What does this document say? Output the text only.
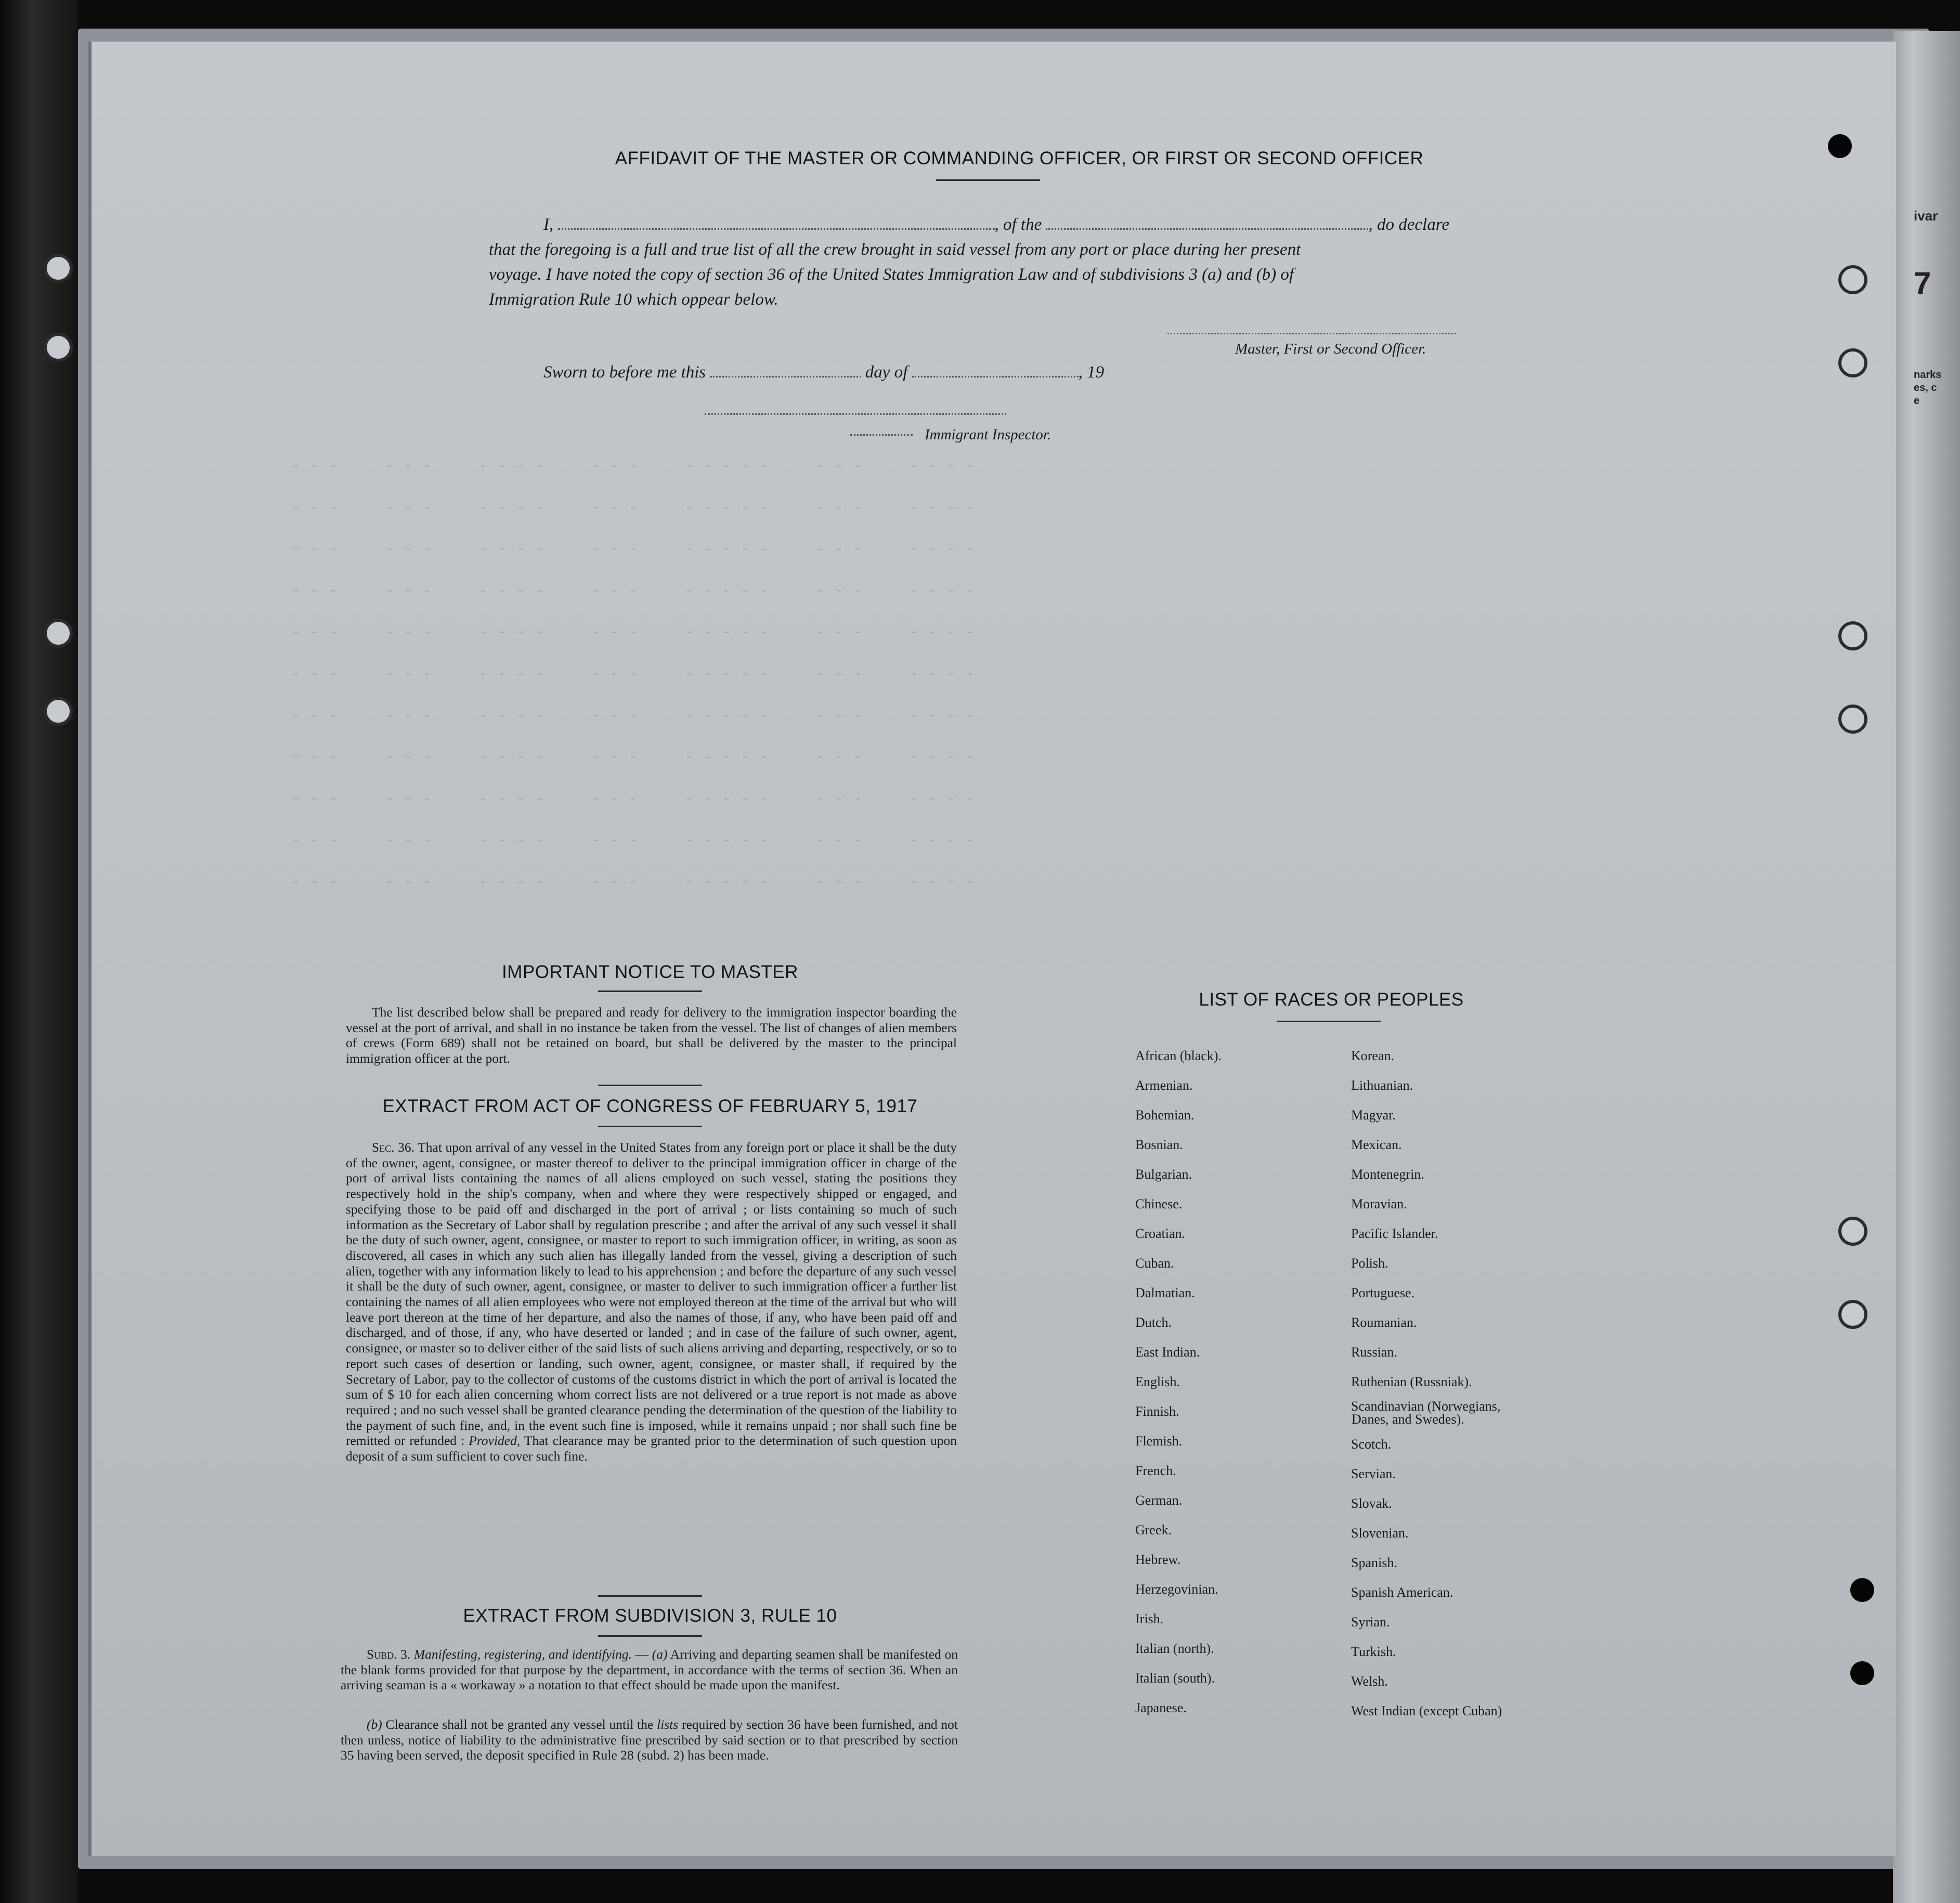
ivar
7
narks
es, c
e
- - -     - - -     - - - -     - - -     - - - - -     - - -     - - - -
- - -     - - -     - - - -     - - -     - - - - -     - - -     - - - -
- - -     - - -     - - - -     - - -     - - - - -     - - -     - - - -
- - -     - - -     - - - -     - - -     - - - - -     - - -     - - - -
- - -     - - -     - - - -     - - -     - - - - -     - - -     - - - -
- - -     - - -     - - - -     - - -     - - - - -     - - -     - - - -
- - -     - - -     - - - -     - - -     - - - - -     - - -     - - - -
- - -     - - -     - - - -     - - -     - - - - -     - - -     - - - -
- - -     - - -     - - - -     - - -     - - - - -     - - -     - - - -
- - -     - - -     - - - -     - - -     - - - - -     - - -     - - - -
- - -     - - -     - - - -     - - -     - - - - -     - - -     - - - -
AFFIDAVIT OF THE MASTER OR COMMANDING OFFICER, OR FIRST OR SECOND OFFICER
I,	, of the	, do declare
that the foregoing is a full and true list of all the crew brought in said vessel from any port or place during her present
voyage. I have noted the copy of section 36 of the United States Immigration Law and of subdivisions 3 (a) and (b) of
Immigration Rule 10 which oppear below.
Master, First or Second Officer.
Sworn to before me this	day of	, 19
Immigrant Inspector.
IMPORTANT NOTICE TO MASTER
The list described below shall be prepared and ready for delivery to the immigration inspector boarding the vessel at the port of arrival, and shall in no instance be taken from the vessel. The list of changes of alien members of crews (Form 689) shall not be retained on board, but shall be delivered by the master to the principal immigration officer at the port.
EXTRACT FROM ACT OF CONGRESS OF FEBRUARY 5, 1917
Sec. 36. That upon arrival of any vessel in the United States from any foreign port or place it shall be the duty of the owner, agent, consignee, or master thereof to deliver to the principal immigration officer in charge of the port of arrival lists containing the names of all aliens employed on such vessel, stating the positions they respectively hold in the ship's company, when and where they were respectively shipped or engaged, and specifying those to be paid off and discharged in the port of arrival ; or lists containing so much of such information as the Secretary of Labor shall by regulation prescribe ; and after the arrival of any such vessel it shall be the duty of such owner, agent, consignee, or master to report to such immigration officer, in writing, as soon as discovered, all cases in which any such alien has illegally landed from the vessel, giving a description of such alien, together with any information likely to lead to his apprehension ; and before the departure of any such vessel it shall be the duty of such owner, agent, consignee, or master to deliver to such immigration officer a further list containing the names of all alien employees who were not employed thereon at the time of the arrival but who will leave port thereon at the time of her departure, and also the names of those, if any, who have been paid off and discharged, and of those, if any, who have deserted or landed ; and in case of the failure of such owner, agent, consignee, or master so to deliver either of the said lists of such aliens arriving and departing, respectively, or so to report such cases of desertion or landing, such owner, agent, consignee, or master shall, if required by the Secretary of Labor, pay to the collector of customs of the customs district in which the port of arrival is located the sum of $ 10 for each alien concerning whom correct lists are not delivered or a true report is not made as above required ; and no such vessel shall be granted clearance pending the determination of the question of the liability to the payment of such fine, and, in the event such fine is imposed, while it remains unpaid ; nor shall such fine be remitted or refunded : Provided, That clearance may be granted prior to the determination of such question upon deposit of a sum sufficient to cover such fine.
EXTRACT FROM SUBDIVISION 3, RULE 10
Subd. 3. Manifesting, registering, and identifying. — (a) Arriving and departing seamen shall be manifested on the blank forms provided for that purpose by the department, in accordance with the terms of section 36. When an arriving seaman is a « workaway » a notation to that effect should be made upon the manifest.
(b) Clearance shall not be granted any vessel until the lists required by section 36 have been furnished, and not then unless, notice of liability to the administrative fine prescribed by said section or to that prescribed by section 35 having been served, the deposit specified in Rule 28 (subd. 2) has been made.
LIST OF RACES OR PEOPLES
African (black).
Armenian.
Bohemian.
Bosnian.
Bulgarian.
Chinese.
Croatian.
Cuban.
Dalmatian.
Dutch.
East Indian.
English.
Finnish.
Flemish.
French.
German.
Greek.
Hebrew.
Herzegovinian.
Irish.
Italian (north).
Italian (south).
Japanese.
Korean.
Lithuanian.
Magyar.
Mexican.
Montenegrin.
Moravian.
Pacific Islander.
Polish.
Portuguese.
Roumanian.
Russian.
Ruthenian (Russniak).
Scandinavian (Norwegians,
Danes, and Swedes).
Scotch.
Servian.
Slovak.
Slovenian.
Spanish.
Spanish American.
Syrian.
Turkish.
Welsh.
West Indian (except Cuban)
